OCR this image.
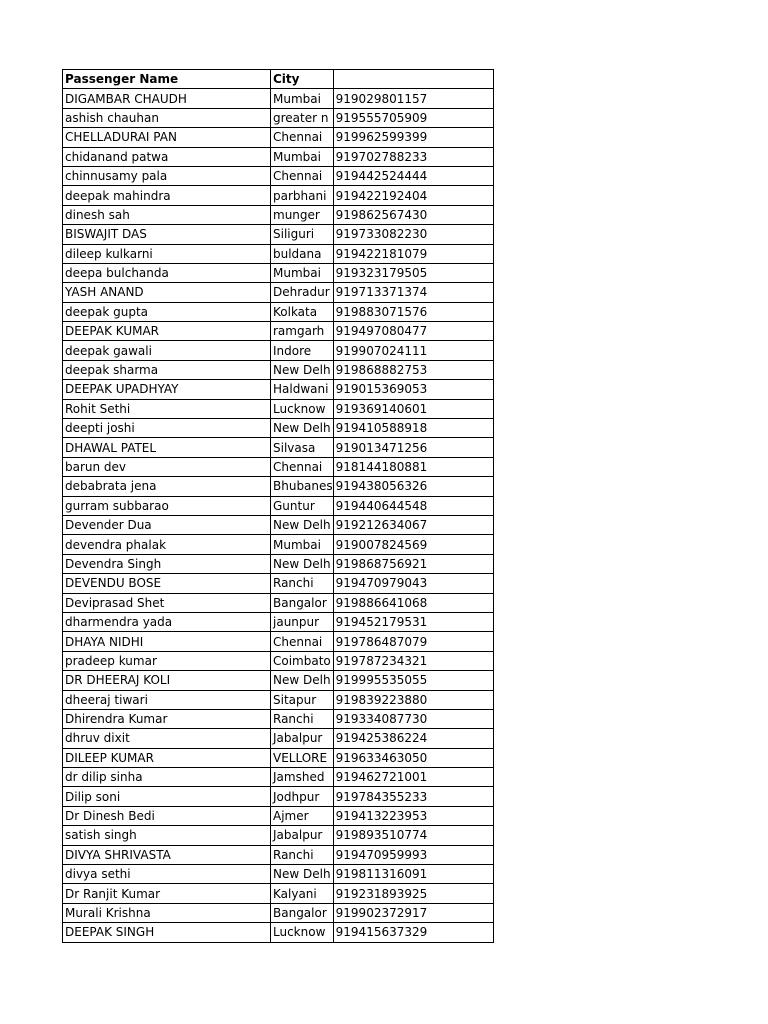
Passenger Name	City	
DIGAMBAR CHAUDH	Mumbai	919029801157
ashish chauhan	greater n	919555705909
CHELLADURAI PAN	Chennai	919962599399
chidanand patwa	Mumbai	919702788233
chinnusamy pala	Chennai	919442524444
deepak mahindra	parbhani	919422192404
dinesh sah	munger	919862567430
BISWAJIT DAS	Siliguri	919733082230
dileep kulkarni	buldana	919422181079
deepa bulchanda	Mumbai	919323179505
YASH ANAND	Dehradur	919713371374
deepak gupta	Kolkata	919883071576
DEEPAK KUMAR	ramgarh	919497080477
deepak gawali	Indore	919907024111
deepak sharma	New Delh	919868882753
DEEPAK UPADHYAY	Haldwani	919015369053
Rohit Sethi	Lucknow	919369140601
deepti joshi	New Delh	919410588918
DHAWAL PATEL	Silvasa	919013471256
barun dev	Chennai	918144180881
debabrata jena	Bhubanes	919438056326
gurram subbarao	Guntur	919440644548
Devender Dua	New Delh	919212634067
devendra phalak	Mumbai	919007824569
Devendra Singh	New Delh	919868756921
DEVENDU BOSE	Ranchi	919470979043
Deviprasad Shet	Bangalor	919886641068
dharmendra yada	jaunpur	919452179531
DHAYA NIDHI	Chennai	919786487079
pradeep kumar	Coimbato	919787234321
DR DHEERAJ KOLI	New Delh	919995535055
dheeraj tiwari	Sitapur	919839223880
Dhirendra Kumar	Ranchi	919334087730
dhruv dixit	Jabalpur	919425386224
DILEEP KUMAR	VELLORE	919633463050
dr dilip sinha	Jamshed	919462721001
Dilip soni	Jodhpur	919784355233
Dr Dinesh Bedi	Ajmer	919413223953
satish singh	Jabalpur	919893510774
DIVYA SHRIVASTA	Ranchi	919470959993
divya sethi	New Delh	919811316091
Dr Ranjit Kumar	Kalyani	919231893925
Murali Krishna	Bangalor	919902372917
DEEPAK SINGH	Lucknow	919415637329
